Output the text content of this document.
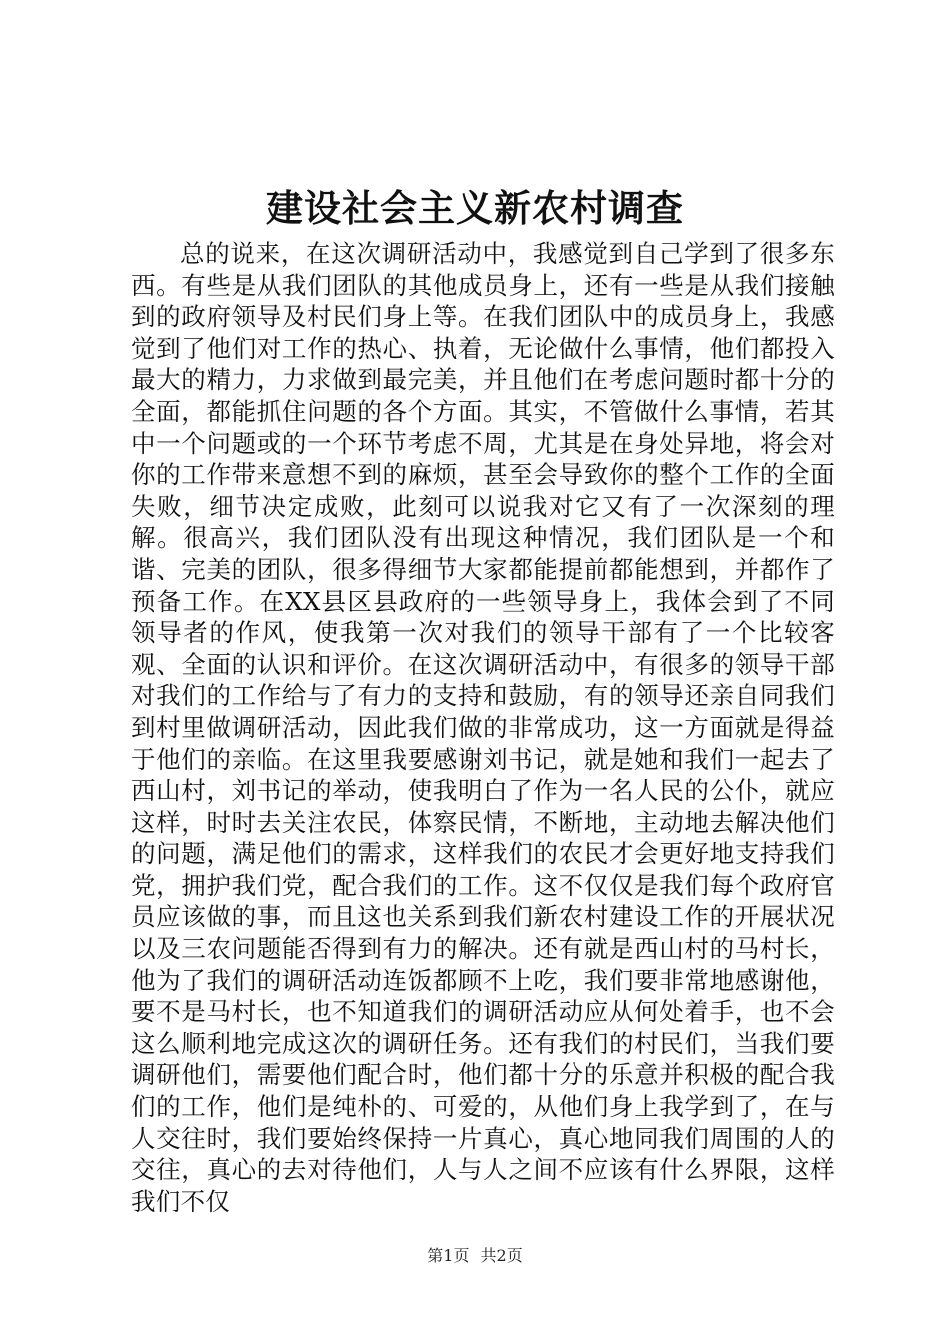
建设社会主义新农村调查

总的说来，在这次调研活动中，我感觉到自己学到了很多东西。有些是从我们团队的其他成员身上，还有一些是从我们接触到的政府领导及村民们身上等。在我们团队中的成员身上，我感觉到了他们对工作的热心、执着，无论做什么事情，他们都投入最大的精力，力求做到最完美，并且他们在考虑问题时都十分的全面，都能抓住问题的各个方面。其实，不管做什么事情，若其中一个问题或的一个环节考虑不周，尤其是在身处异地，将会对你的工作带来意想不到的麻烦，甚至会导致你的整个工作的全面失败，细节决定成败，此刻可以说我对它又有了一次深刻的理解。很高兴，我们团队没有出现这种情况，我们团队是一个和谐、完美的团队，很多得细节大家都能提前都能想到，并都作了预备工作。在XX县区县政府的一些领导身上，我体会到了不同领导者的作风，使我第一次对我们的领导干部有了一个比较客观、全面的认识和评价。在这次调研活动中，有很多的领导干部对我们的工作给与了有力的支持和鼓励，有的领导还亲自同我们到村里做调研活动，因此我们做的非常成功，这一方面就是得益于他们的亲临。在这里我要感谢刘书记，就是她和我们一起去了西山村，刘书记的举动，使我明白了作为一名人民的公仆，就应这样，时时去关注农民，体察民情，不断地，主动地去解决他们的问题，满足他们的需求，这样我们的农民才会更好地支持我们党，拥护我们党，配合我们的工作。这不仅仅是我们每个政府官员应该做的事，而且这也关系到我们新农村建设工作的开展状况以及三农问题能否得到有力的解决。还有就是西山村的马村长，他为了我们的调研活动连饭都顾不上吃，我们要非常地感谢他，要不是马村长，也不知道我们的调研活动应从何处着手，也不会这么顺利地完成这次的调研任务。还有我们的村民们，当我们要调研他们，需要他们配合时，他们都十分的乐意并积极的配合我们的工作，他们是纯朴的、可爱的，从他们身上我学到了，在与人交往时，我们要始终保持一片真心，真心地同我们周围的人的交往，真心的去对待他们，人与人之间不应该有什么界限，这样我们不仅

第1页 共2页
